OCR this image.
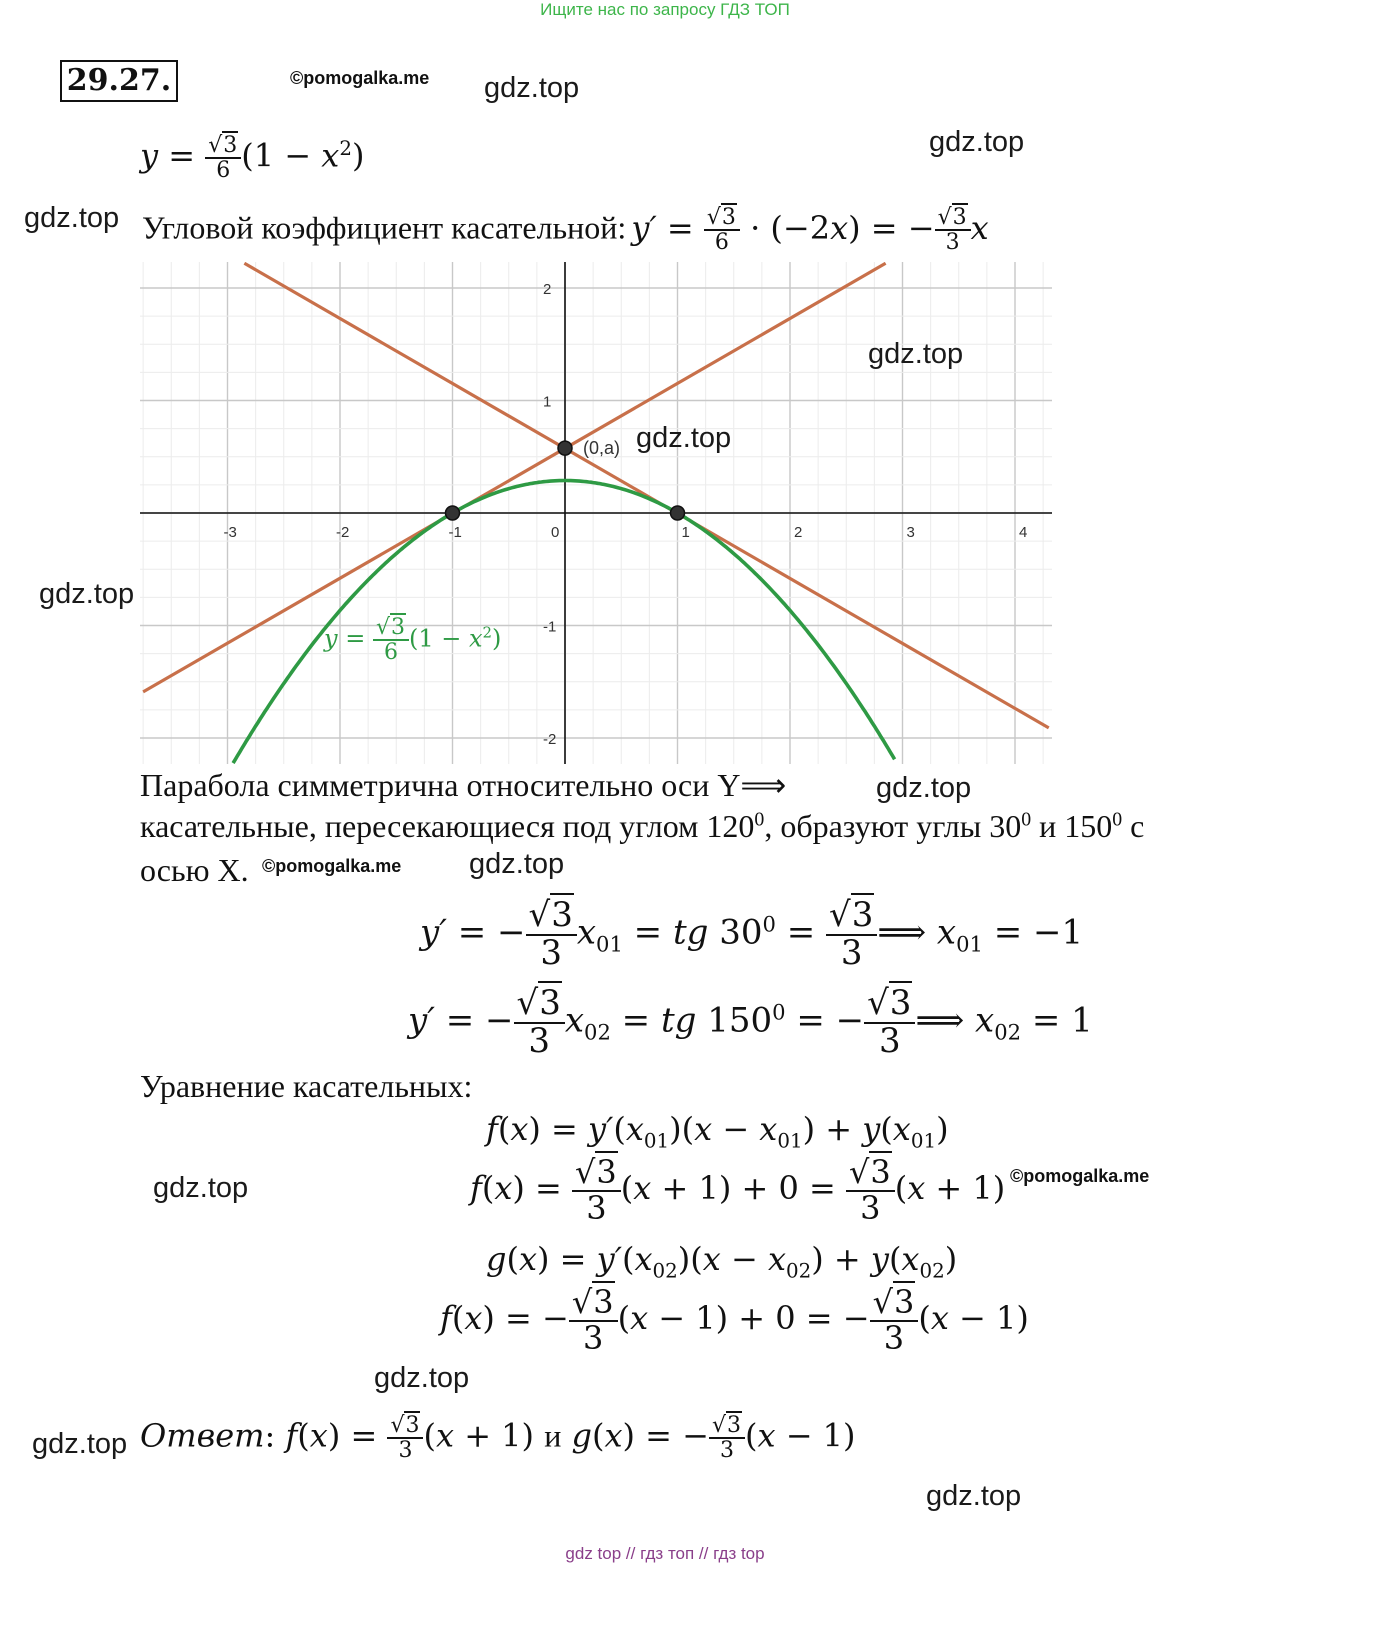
Ищите нас по запросу ГДЗ ТОП
29.27.	©pomogalka.me gdz.top
gdz.top
gdz.top
$y = \frac{√3}{6} (1 - x^2)$
Угловой коэффициент касательной: $y' = \frac{√3}{6} \cdot (-2x)$ = − $\frac{√3}{3}$ x
-3	-2	-1	0	1	2	3	4
2
1
-1
-2
(0,a)
gdz.top
gdz.top
gdz.top
$y = \frac{√3}{6} (1 - x^2)$
Парабола симметрична относительно оси Y⟹	gdz.top
касательные, пересекающиеся под углом $120^0$, образуют углы $30^0$ и $150^0$ с
осью X. ©pomogalka.me gdz.top
y′ = − $\frac{√3}{3} x_{01}$ = tg $30^0 = \frac{√3}{3}$ ⟹ $x_{01} = -1$
y′ = − $\frac{√3}{3} x_{02}$ = tg $150^0$ = − $\frac{√3}{3}$ ⟹ $x_{02} = 1$
Уравнение касательных:
$f(x) = y'(x_{01})(x - x_{01}) + y(x_{01})$
gdz.top	©pomogalka.me
$f(x) = \frac{√3}{3} (x + 1) + 0 = \frac{√3}{3} (x + 1)$
$g(x) = y'(x_{02})(x - x_{02}) + y(x_{02})$
f(x) = − $\frac{√3}{3} (x - 1) + 0$ = − $\frac{√3}{3} (x - 1)$
gdz.top
gdz.top Ответ: $f(x) = \frac{√3}{3} (x + 1)$ и g(x) = − $\frac{√3}{3} (x - 1)$
gdz.top
gdz top // гдз топ // гдз top
